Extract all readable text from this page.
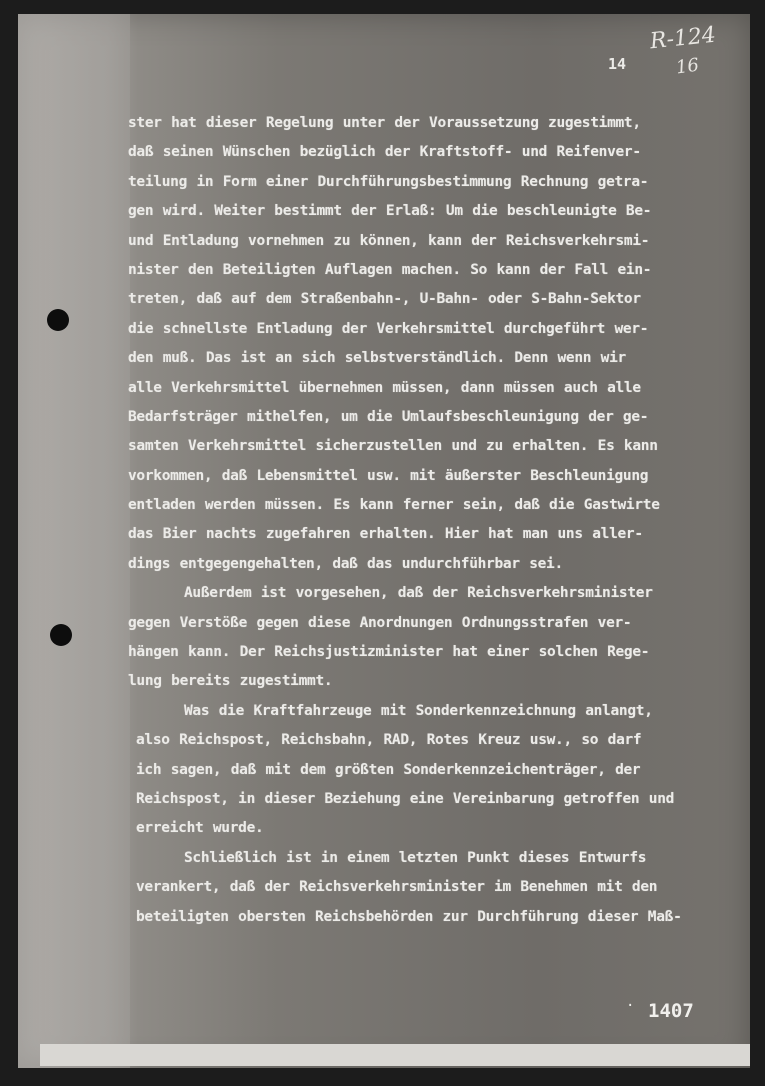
R-124
16
14
ster hat dieser Regelung unter der Voraussetzung zugestimmt,
daß seinen Wünschen bezüglich der Kraftstoff- und Reifenver-
teilung in Form einer Durchführungsbestimmung Rechnung getra-
gen wird. Weiter bestimmt der Erlaß: Um die beschleunigte Be-
und Entladung vornehmen zu können, kann der Reichsverkehrsmi-
nister den Beteiligten Auflagen machen. So kann der Fall ein-
treten, daß auf dem Straßenbahn-, U-Bahn- oder S-Bahn-Sektor
die schnellste Entladung der Verkehrsmittel durchgeführt wer-
den muß. Das ist an sich selbstverständlich. Denn wenn wir
alle Verkehrsmittel übernehmen müssen, dann müssen auch alle
Bedarfsträger mithelfen, um die Umlaufsbeschleunigung der ge-
samten Verkehrsmittel sicherzustellen und zu erhalten. Es kann
vorkommen, daß Lebensmittel usw. mit äußerster Beschleunigung
entladen werden müssen. Es kann ferner sein, daß die Gastwirte
das Bier nachts zugefahren erhalten. Hier hat man uns aller-
dings entgegengehalten, daß das undurchführbar sei.
Außerdem ist vorgesehen, daß der Reichsverkehrsminister
gegen Verstöße gegen diese Anordnungen Ordnungsstrafen ver-
hängen kann. Der Reichsjustizminister hat einer solchen Rege-
lung bereits zugestimmt.
Was die Kraftfahrzeuge mit Sonderkennzeichnung anlangt,
also Reichspost, Reichsbahn, RAD, Rotes Kreuz usw., so darf
ich sagen, daß mit dem größten Sonderkennzeichenträger, der
Reichspost, in dieser Beziehung eine Vereinbarung getroffen und
erreicht wurde.
Schließlich ist in einem letzten Punkt dieses Entwurfs
verankert, daß der Reichsverkehrsminister im Benehmen mit den
beteiligten obersten Reichsbehörden zur Durchführung dieser Maß-
· 1407
